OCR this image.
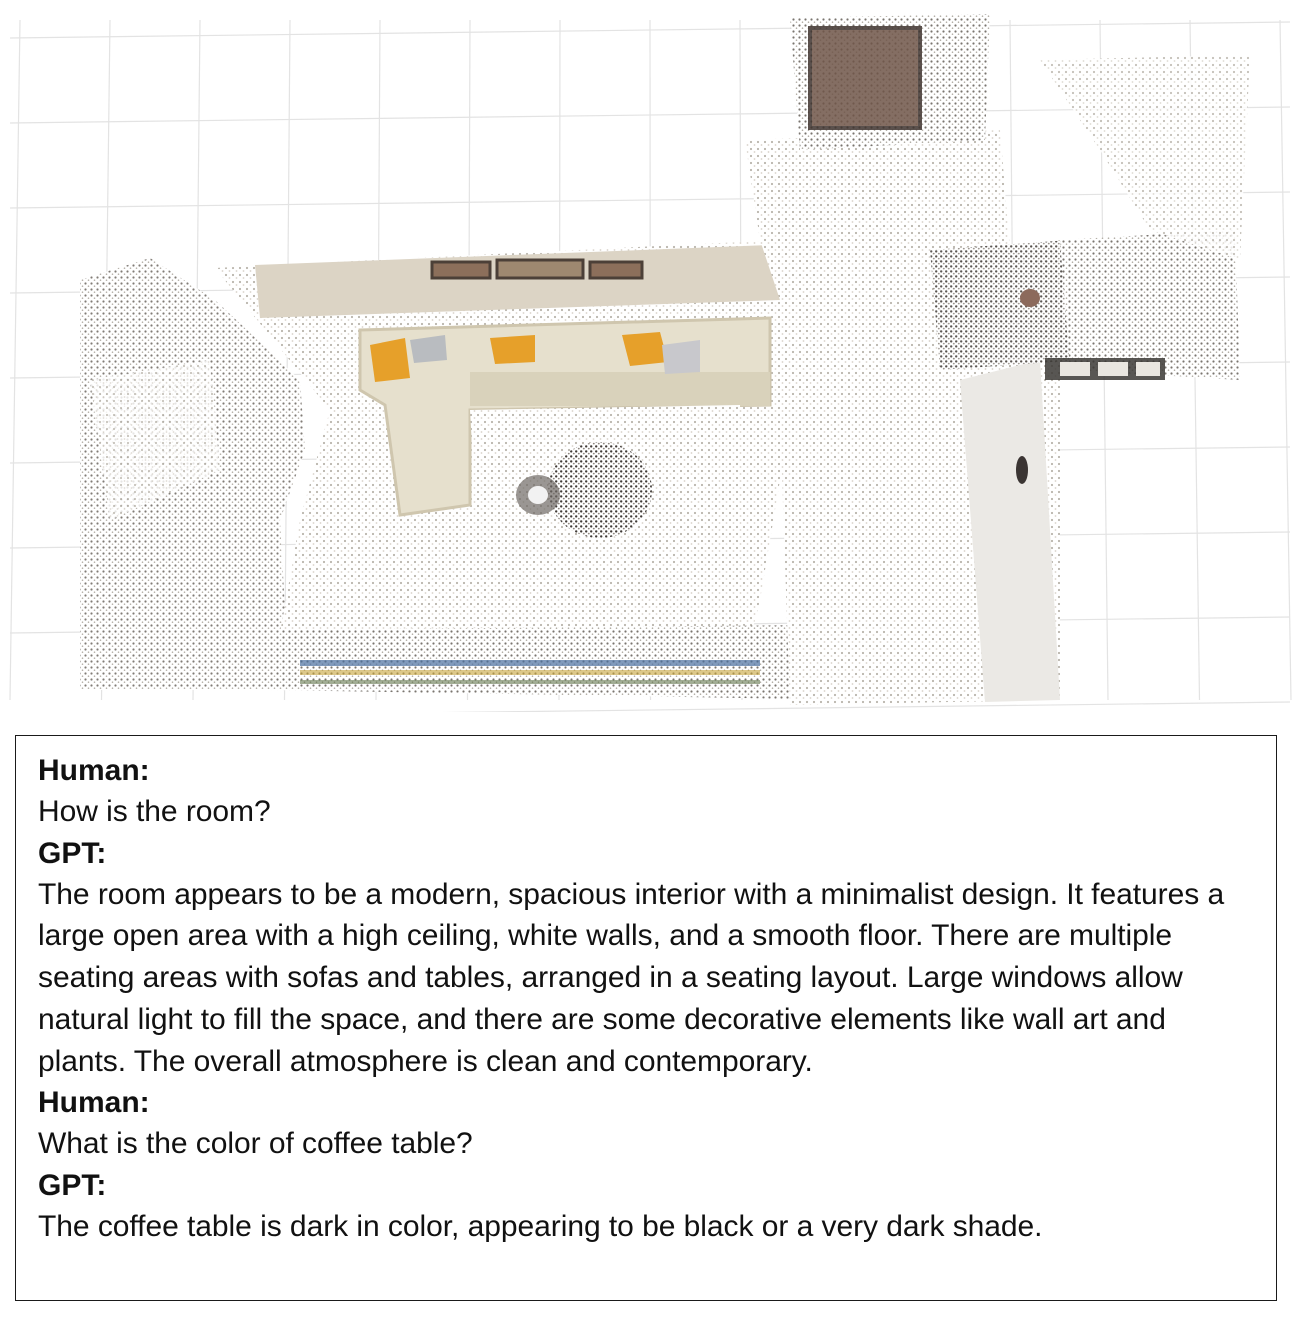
Human:

How is the room?

GPT:

The room appears to be a modern, spacious interior with a minimalist design. It features a large open area with a high ceiling, white walls, and a smooth floor. There are multiple seating areas with sofas and tables, arranged in a seating layout. Large windows allow natural light to fill the space, and there are some decorative elements like wall art and plants. The overall atmosphere is clean and contemporary.

Human:

What is the color of coffee table?

GPT:

The coffee table is dark in color, appearing to be black or a very dark shade.
